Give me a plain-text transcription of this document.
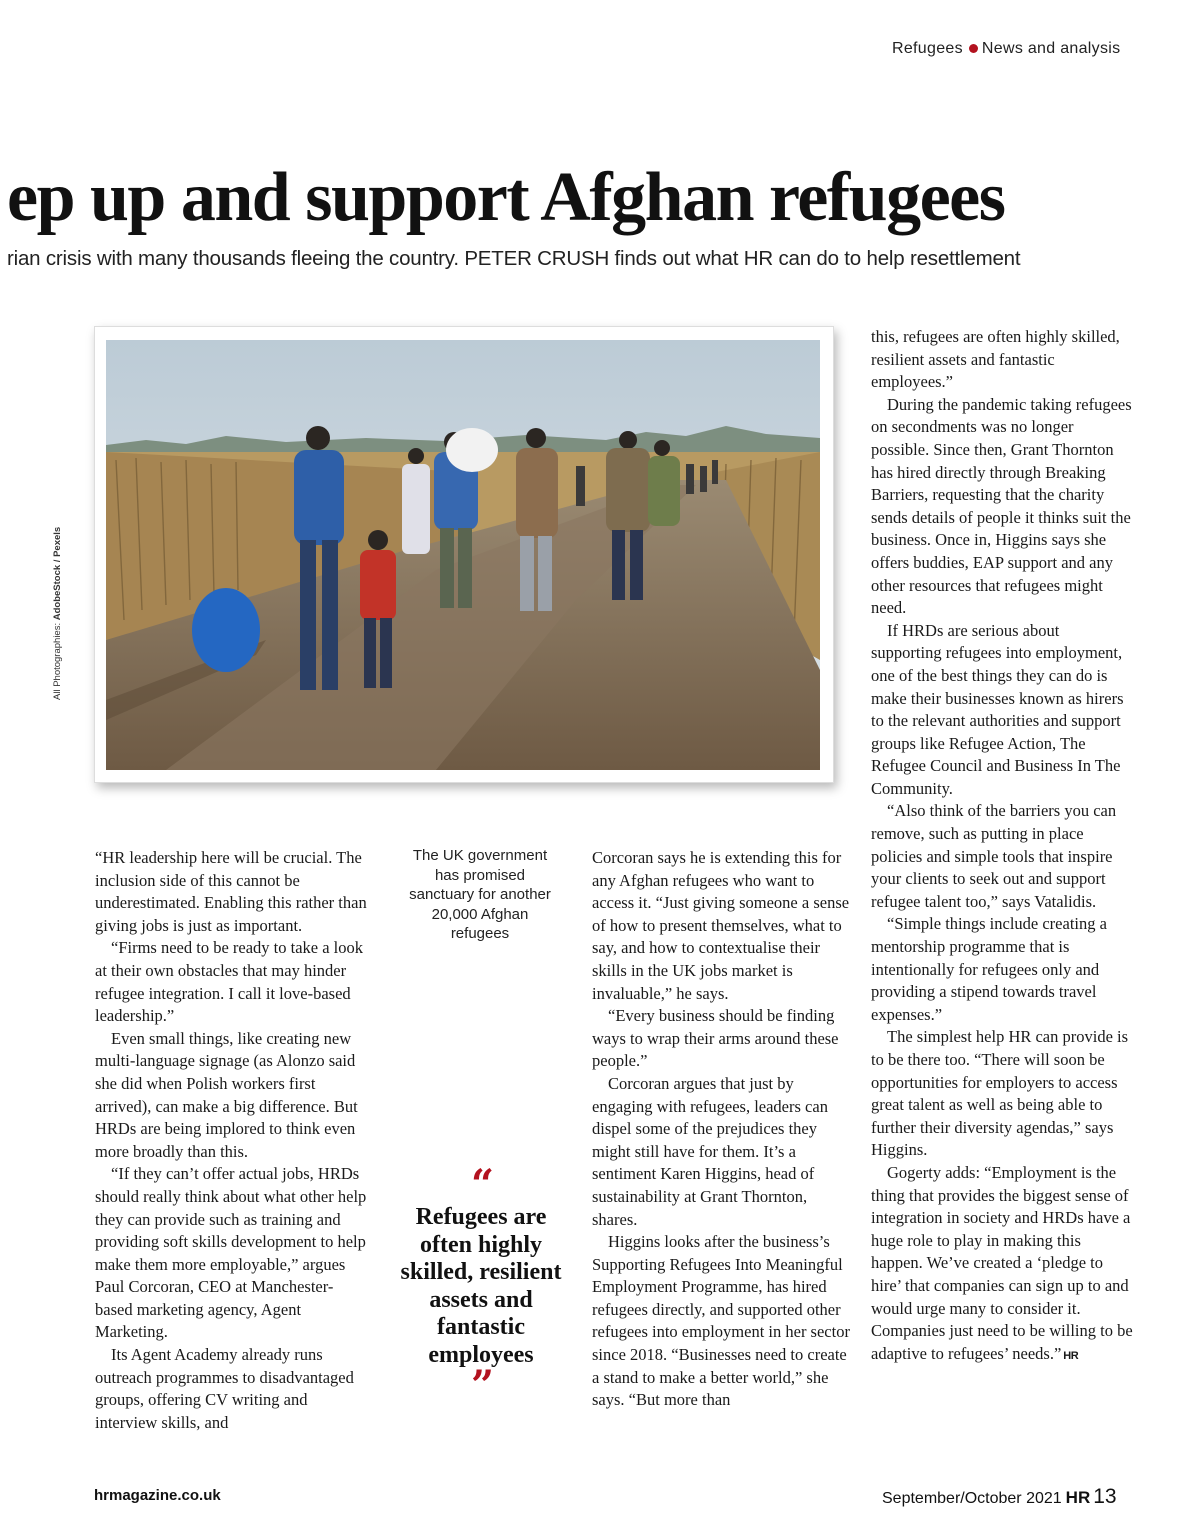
Refugees News and analysis
ep up and support Afghan refugees
rian crisis with many thousands fleeing the country. PETER CRUSH finds out what HR can do to help resettlement
All Photographies: AdobeStock / Pexels

“HR leadership here will be crucial. The inclusion side of this cannot be underestimated. Enabling this rather than giving jobs is just as important.

“Firms need to be ready to take a look at their own obstacles that may hinder refugee integration. I call it love-based leadership.”

Even small things, like creating new multi-language signage (as Alonzo said she did when Polish workers first arrived), can make a big difference. But HRDs are being implored to think even more broadly than this.

“If they can’t offer actual jobs, HRDs should really think about what other help they can provide such as training and providing soft skills development to help make them more employable,” argues Paul Corcoran, CEO at Manchester-based marketing agency, Agent Marketing.

Its Agent Academy already runs outreach programmes to disadvantaged groups, offering CV writing and interview skills, and

The UK government has promised sanctuary for another 20,000 Afghan refugees
“
Refugees are often highly skilled, resilient assets and fantastic employees
”

Corcoran says he is extending this for any Afghan refugees who want to access it. “Just giving someone a sense of how to present themselves, what to say, and how to contextualise their skills in the UK jobs market is invaluable,” he says.

“Every business should be finding ways to wrap their arms around these people.”

Corcoran argues that just by engaging with refugees, leaders can dispel some of the prejudices they might still have for them. It’s a sentiment Karen Higgins, head of sustainability at Grant Thornton, shares.

Higgins looks after the business’s Supporting Refugees Into Meaningful Employment Programme, has hired refugees directly, and supported other refugees into employment in her sector since 2018. “Businesses need to create a stand to make a better world,” she says. “But more than

this, refugees are often highly skilled, resilient assets and fantastic employees.”

During the pandemic taking refugees on secondments was no longer possible. Since then, Grant Thornton has hired directly through Breaking Barriers, requesting that the charity sends details of people it thinks suit the business. Once in, Higgins says she offers buddies, EAP support and any other resources that refugees might need.

If HRDs are serious about supporting refugees into employment, one of the best things they can do is make their businesses known as hirers to the relevant authorities and support groups like Refugee Action, The Refugee Council and Business In The Community.

“Also think of the barriers you can remove, such as putting in place policies and simple tools that inspire your clients to seek out and support refugee talent too,” says Vatalidis.

“Simple things include creating a mentorship programme that is intentionally for refugees only and providing a stipend towards travel expenses.”

The simplest help HR can provide is to be there too. “There will soon be opportunities for employers to access great talent as well as being able to further their diversity agendas,” says Higgins.

Gogerty adds: “Employment is the thing that provides the biggest sense of integration in society and HRDs have a huge role to play in making this happen. We’ve created a ‘pledge to hire’ that companies can sign up to and would urge many to consider it. Companies just need to be willing to be adaptive to refugees’ needs.” HR

hrmagazine.co.uk	September/October 2021 HR 13
